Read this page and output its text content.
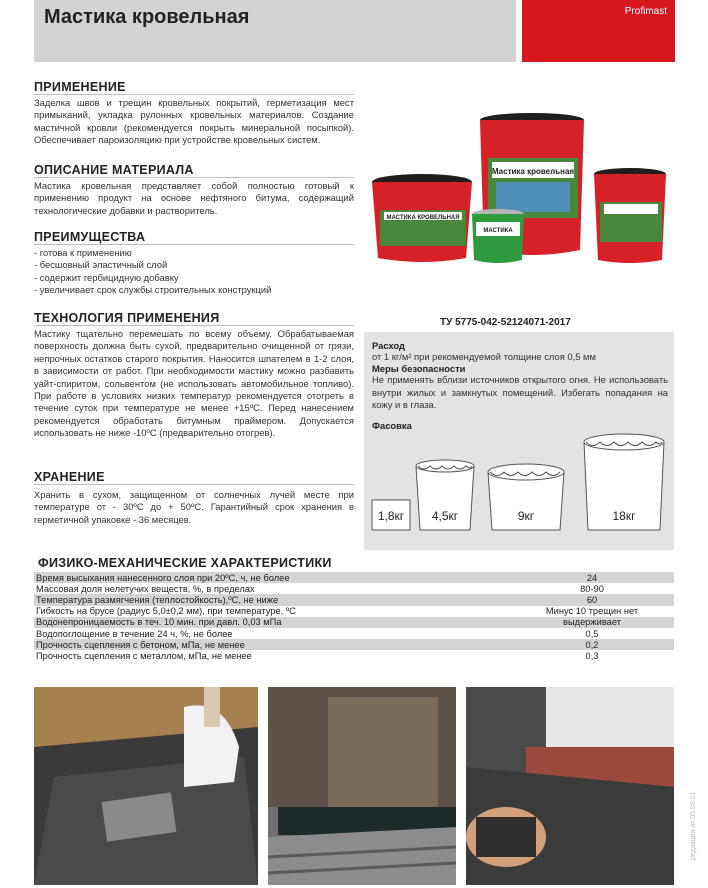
Мастика кровельная	Profimast
ПРИМЕНЕНИЕ
Заделка швов и трещин кровельных покрытий, герметизация мест примыканий, укладка рулонных кровельных материалов. Создание мастичной кровли (рекомендуется покрыть минеральной посыпкой). Обеспечивает пароизоляцию при устройстве кровельных систем.
ОПИСАНИЕ МАТЕРИАЛА
Мастика кровельная представляет собой полностью готовый к применению продукт на основе нефтяного битума, содержащий технологические добавки и растворитель.
ПРЕИМУЩЕСТВА
- готова к применению
- бесшовный эластичный слой
- содержит гербицидную добавку
- увеличивает срок службы строительных конструкций
ТЕХНОЛОГИЯ ПРИМЕНЕНИЯ
Мастику тщательно перемешать по всему объему. Обрабатываемая поверхность должна быть сухой, предварительно очищенной от грязи, непрочных остатков старого покрытия. Наносится шпателем в 1-2 слоя, в зависимости от работ. При необходимости мастику можно разбавить уайт-спиритом, сольвентом (не использовать автомобильное топливо). При работе в условиях низких температур рекомендуется отогреть в течение суток при температуре не менее +15ºС. Перед нанесением рекомендуется обработать битумным праймером. Допускается использовать не ниже -10ºС (предварительно отогрев).
ХРАНЕНИЕ
Хранить в сухом, защищенном от солнечных лучей месте при температуре от - 30ºС до + 50ºС. Гарантийный срок хранения в герметичной упаковке - 36 месяцев.
Мастика кровельная
МАСТИКА КРОВЕЛЬНАЯ
МАСТИКА
ТУ 5775-042-52124071-2017
Расход
от 1 кг/м² при рекомендуемой толщине слоя 0,5 мм
Меры безопасности
Не применять вблизи источников открытого огня. Не использовать внутри жилых и замкнутых помещений. Избегать попадания на кожу и в глаза.
Фасовка
1,8кг	4,5кг	9кг	18кг
ФИЗИКО-МЕХАНИЧЕСКИЕ ХАРАКТЕРИСТИКИ
Время высыхания нанесенного слоя при 20ºС, ч, не более	24
Массовая доля нелетучих веществ, %, в пределах	80-90
Температура размягчения (теплостойкость),ºС, не ниже	60
Гибкость на брусе (радиус 5,0±0,2 мм), при температуре, ºС	Минус 10 трещин нет
Водонепроницаемость в теч. 10 мин. при давл. 0,03 мПа	выдерживает
Водопоглощение в течение 24 ч, %, не более	0,5
Прочность сцепления с бетоном, мПа, не менее	0,2
Прочность сцепления с металлом, мПа, не менее	0,3
редакция от 05.08.21
